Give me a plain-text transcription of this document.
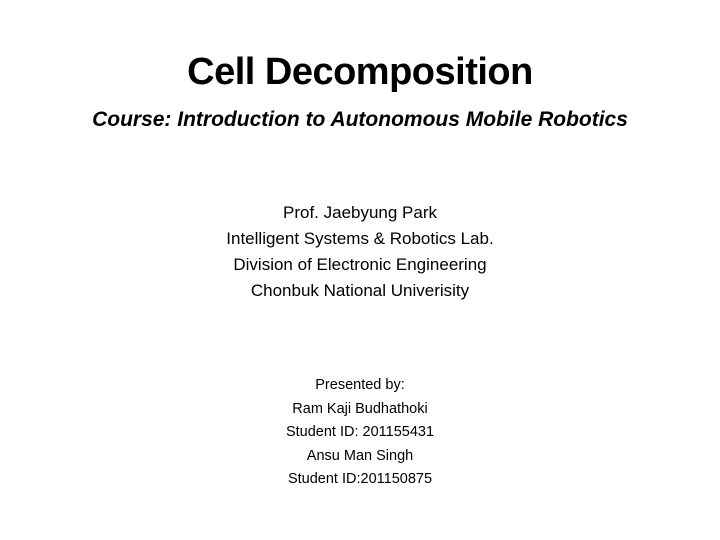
Cell Decomposition
Course: Introduction to Autonomous Mobile Robotics
Prof. Jaebyung Park
Intelligent Systems & Robotics Lab.
Division of Electronic Engineering
Chonbuk National Univerisity
Presented by:
Ram Kaji Budhathoki
Student ID: 201155431
Ansu Man Singh
Student ID:201150875
